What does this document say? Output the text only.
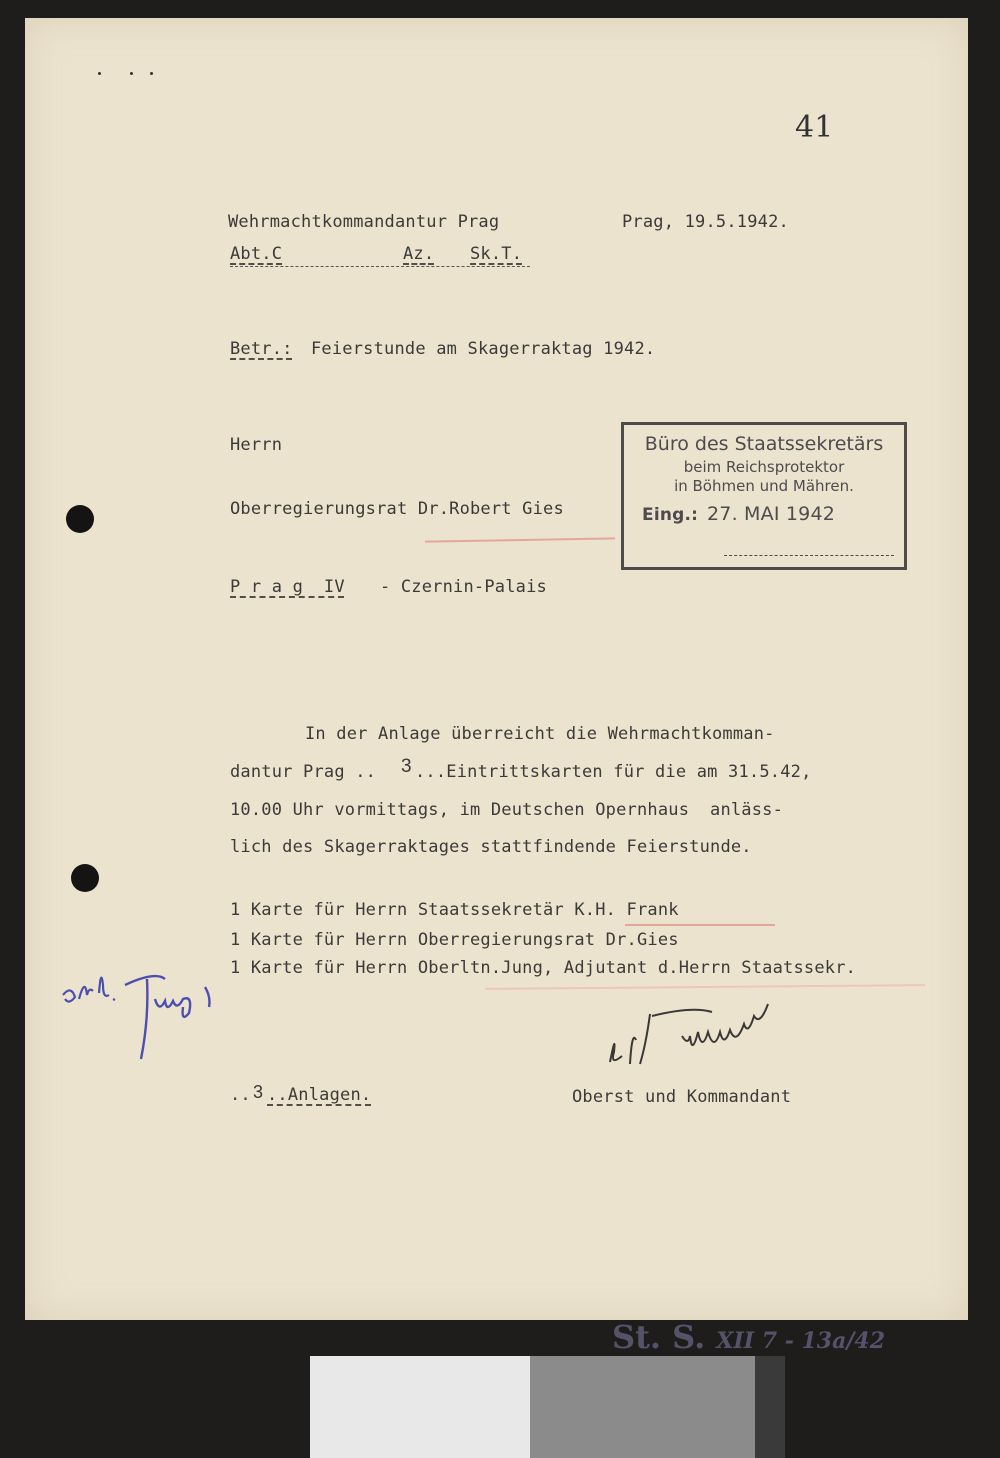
41
Wehrmachtkommandantur Prag	Prag, 19.5.1942.
Abt.C	Az. Sk.T.
Betr.: Feierstunde am Skagerraktag 1942.
Herrn
Oberregierungsrat Dr.Robert Gies
P r a g  IV - Czernin-Palais
Büro des Staatssekretärs
beim Reichsprotektor
in Böhmen und Mähren.
Eing.: 27. MAI 1942
In der Anlage überreicht die Wehrmachtkomman-
dantur Prag .. 3 ...Eintrittskarten für die am 31.5.42,
10.00 Uhr vormittags, im Deutschen Opernhaus  anläss-
lich des Skagerraktages stattfindende Feierstunde.
1 Karte für Herrn Staatssekretär K.H. Frank
1 Karte für Herrn Oberregierungsrat Dr.Gies
1 Karte für Herrn Oberltn.Jung, Adjutant d.Herrn Staatssekr.
.. 3 ..Anlagen.	Oberst und Kommandant
St. S. XII 7 - 13a/42
